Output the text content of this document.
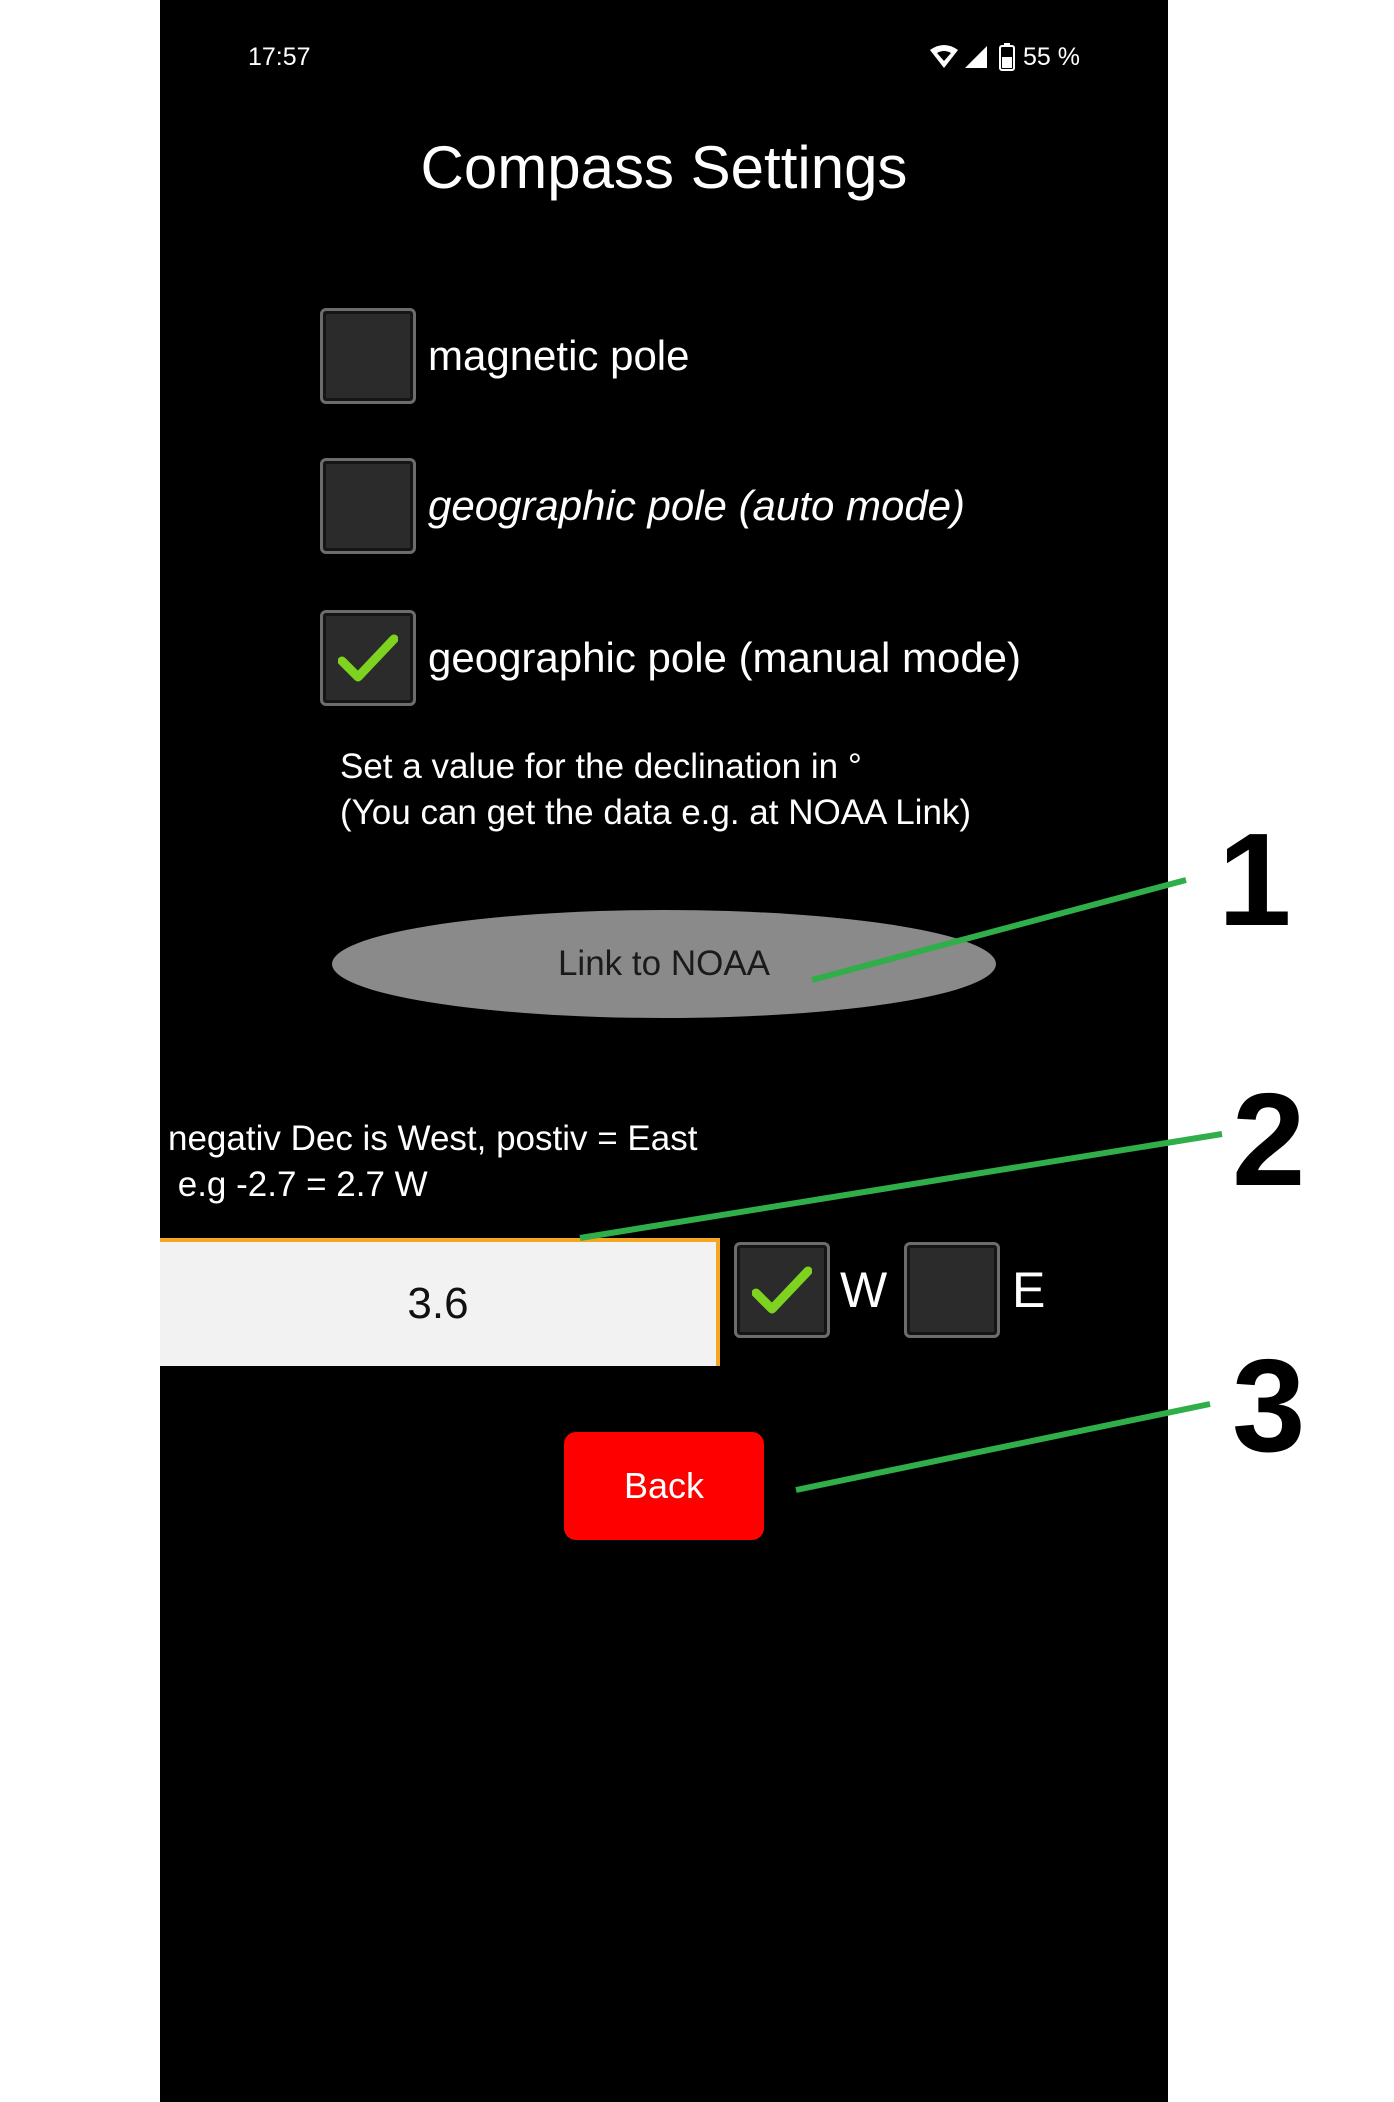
17:57	55 %
Compass Settings
magnetic pole
geographic pole (auto mode)
geographic pole (manual mode)
Set a value for the declination in °
(You can get the data e.g. at NOAA Link)
Link to NOAA
negativ Dec is West, postiv = East
e.g -2.7 = 2.7 W
3.6
W E
Back
1
2
3
